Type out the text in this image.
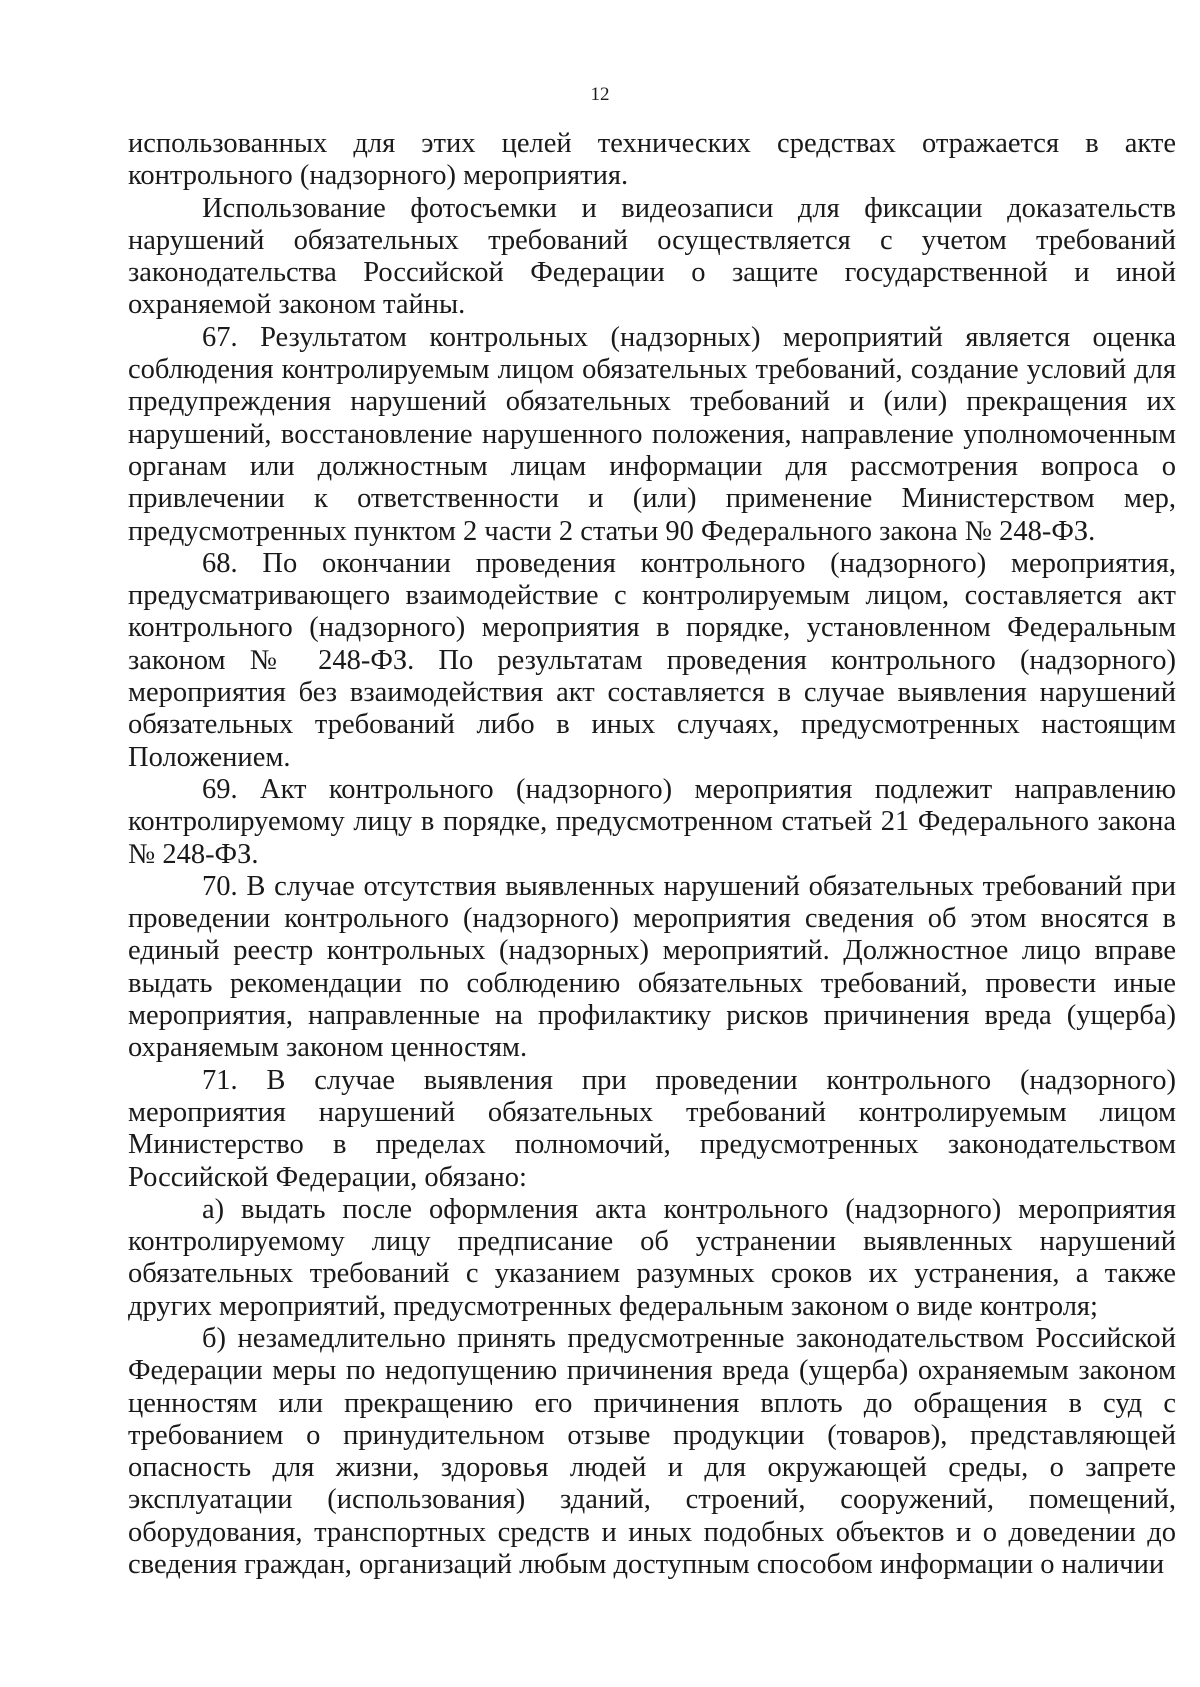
12

использованных для этих целей технических средствах отражается в акте контрольного (надзорного) мероприятия.

Использование фотосъемки и видеозаписи для фиксации доказательств нарушений обязательных требований осуществляется с учетом требований законодательства Российской Федерации о защите государственной и иной охраняемой законом тайны.

67. Результатом контрольных (надзорных) мероприятий является оценка соблюдения контролируемым лицом обязательных требований, создание условий для предупреждения нарушений обязательных требований и (или) прекращения их нарушений, восстановление нарушенного положения, направление уполномоченным органам или должностным лицам информации для рассмотрения вопроса о привлечении к ответственности и (или) применение Министерством мер, предусмотренных пунктом 2 части 2 статьи 90 Федерального закона № 248-ФЗ.

68. По окончании проведения контрольного (надзорного) мероприятия, предусматривающего взаимодействие с контролируемым лицом, составляется акт контрольного (надзорного) мероприятия в порядке, установленном Федеральным законом № 248-ФЗ. По результатам проведения контрольного (надзорного) мероприятия без взаимодействия акт составляется в случае выявления нарушений обязательных требований либо в иных случаях, предусмотренных настоящим Положением.

69. Акт контрольного (надзорного) мероприятия подлежит направлению контролируемому лицу в порядке, предусмотренном статьей 21 Федерального закона № 248-ФЗ.

70. В случае отсутствия выявленных нарушений обязательных требований при проведении контрольного (надзорного) мероприятия сведения об этом вносятся в единый реестр контрольных (надзорных) мероприятий. Должностное лицо вправе выдать рекомендации по соблюдению обязательных требований, провести иные мероприятия, направленные на профилактику рисков причинения вреда (ущерба) охраняемым законом ценностям.

71. В случае выявления при проведении контрольного (надзорного) мероприятия нарушений обязательных требований контролируемым лицом Министерство в пределах полномочий, предусмотренных законодательством Российской Федерации, обязано:

а) выдать после оформления акта контрольного (надзорного) мероприятия контролируемому лицу предписание об устранении выявленных нарушений обязательных требований с указанием разумных сроков их устранения, а также других мероприятий, предусмотренных федеральным законом о виде контроля;

б) незамедлительно принять предусмотренные законодательством Российской Федерации меры по недопущению причинения вреда (ущерба) охраняемым законом ценностям или прекращению его причинения вплоть до обращения в суд с требованием о принудительном отзыве продукции (товаров), представляющей опасность для жизни, здоровья людей и для окружающей среды, о запрете эксплуатации (использования) зданий, строений, сооружений, помещений, оборудования, транспортных средств и иных подобных объектов и о доведении до сведения граждан, организаций любым доступным способом информации о наличии
